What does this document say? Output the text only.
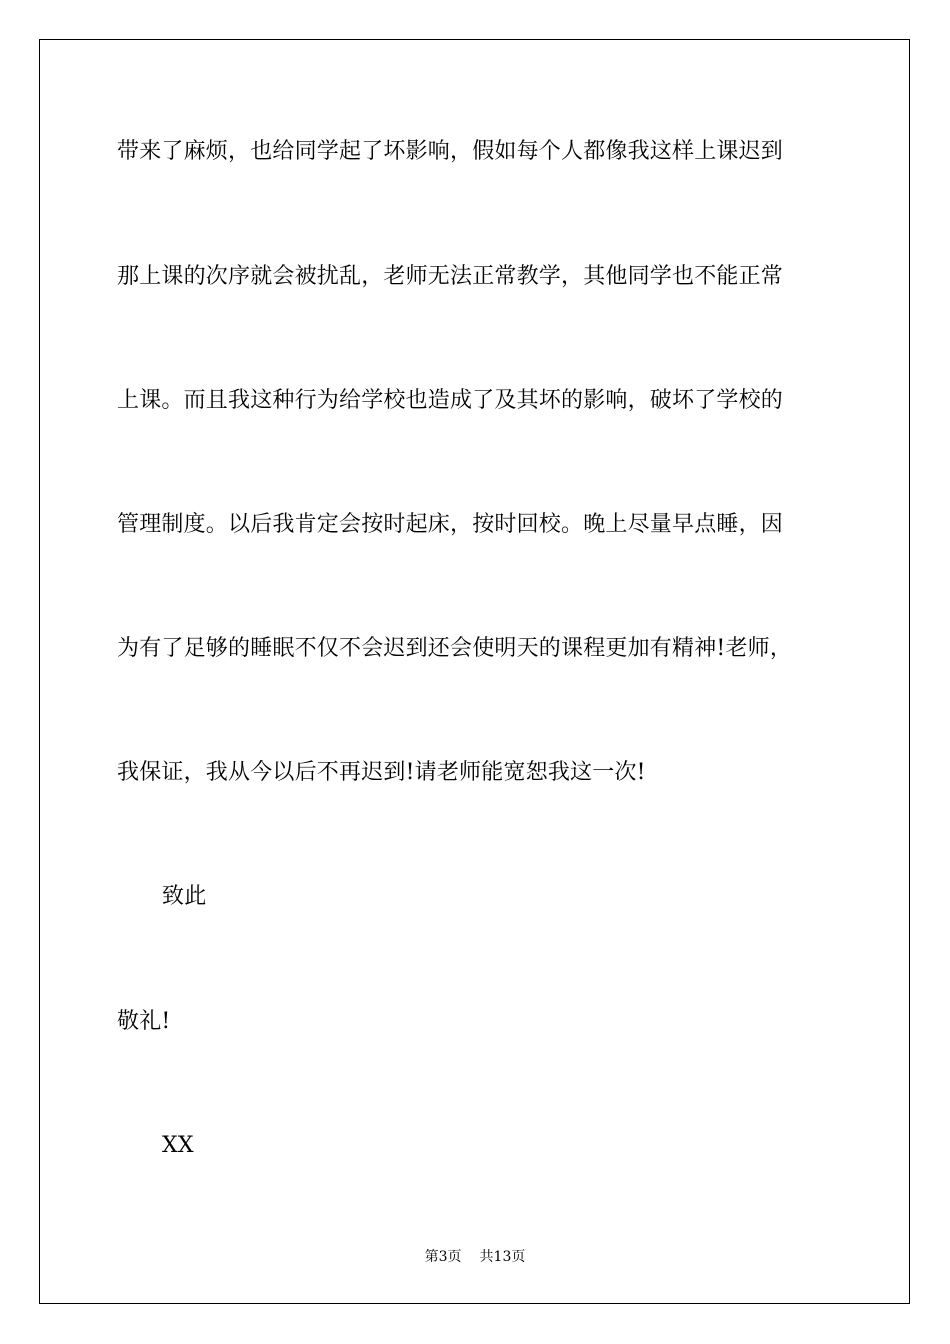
带来了麻烦，也给同学起了坏影响，假如每个人都像我这样上课迟到
那上课的次序就会被扰乱，老师无法正常教学，其他同学也不能正常
上课。而且我这种行为给学校也造成了及其坏的影响，破坏了学校的
管理制度。以后我肯定会按时起床，按时回校。晚上尽量早点睡，因
为有了足够的睡眠不仅不会迟到还会使明天的课程更加有精神!老师，
我保证，我从今以后不再迟到!请老师能宽恕我这一次!
致此
敬礼!
XX
第3页 共13页
